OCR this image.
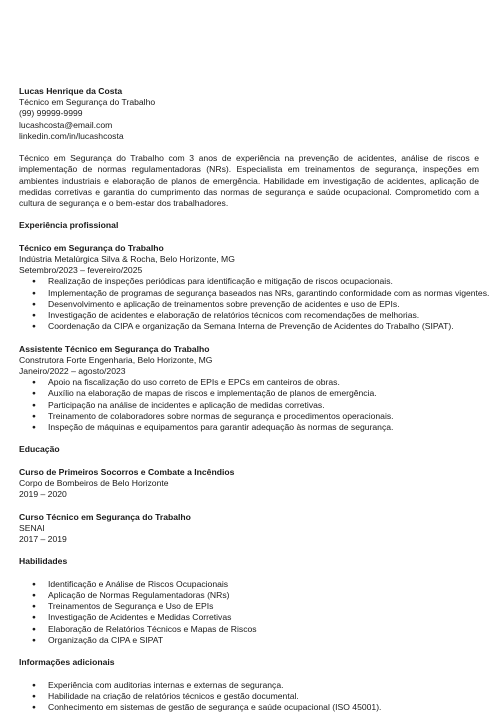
Lucas Henrique da Costa
Técnico em Segurança do Trabalho
(99) 99999-9999
lucashcosta@email.com
linkedin.com/in/lucashcosta

Técnico em Segurança do Trabalho com 3 anos de experiência na prevenção de acidentes, análise de riscos e implementação de normas regulamentadoras (NRs). Especialista em treinamentos de segurança, inspeções em ambientes industriais e elaboração de planos de emergência. Habilidade em investigação de acidentes, aplicação de medidas corretivas e garantia do cumprimento das normas de segurança e saúde ocupacional. Comprometido com a cultura de segurança e o bem-estar dos trabalhadores.

Experiência profissional
Técnico em Segurança do Trabalho
Indústria Metalúrgica Silva & Rocha, Belo Horizonte, MG
Setembro/2023 – fevereiro/2025
● Realização de inspeções periódicas para identificação e mitigação de riscos ocupacionais.
● Implementação de programas de segurança baseados nas NRs, garantindo conformidade com as normas vigentes.
● Desenvolvimento e aplicação de treinamentos sobre prevenção de acidentes e uso de EPIs.
● Investigação de acidentes e elaboração de relatórios técnicos com recomendações de melhorias.
● Coordenação da CIPA e organização da Semana Interna de Prevenção de Acidentes do Trabalho (SIPAT).
Assistente Técnico em Segurança do Trabalho
Construtora Forte Engenharia, Belo Horizonte, MG
Janeiro/2022 – agosto/2023
● Apoio na fiscalização do uso correto de EPIs e EPCs em canteiros de obras.
● Auxílio na elaboração de mapas de riscos e implementação de planos de emergência.
● Participação na análise de incidentes e aplicação de medidas corretivas.
● Treinamento de colaboradores sobre normas de segurança e procedimentos operacionais.
● Inspeção de máquinas e equipamentos para garantir adequação às normas de segurança.
Educação
Curso de Primeiros Socorros e Combate a Incêndios
Corpo de Bombeiros de Belo Horizonte
2019 – 2020
Curso Técnico em Segurança do Trabalho
SENAI
2017 – 2019
Habilidades
● Identificação e Análise de Riscos Ocupacionais
● Aplicação de Normas Regulamentadoras (NRs)
● Treinamentos de Segurança e Uso de EPIs
● Investigação de Acidentes e Medidas Corretivas
● Elaboração de Relatórios Técnicos e Mapas de Riscos
● Organização da CIPA e SIPAT
Informações adicionais
● Experiência com auditorias internas e externas de segurança.
● Habilidade na criação de relatórios técnicos e gestão documental.
● Conhecimento em sistemas de gestão de segurança e saúde ocupacional (ISO 45001).
